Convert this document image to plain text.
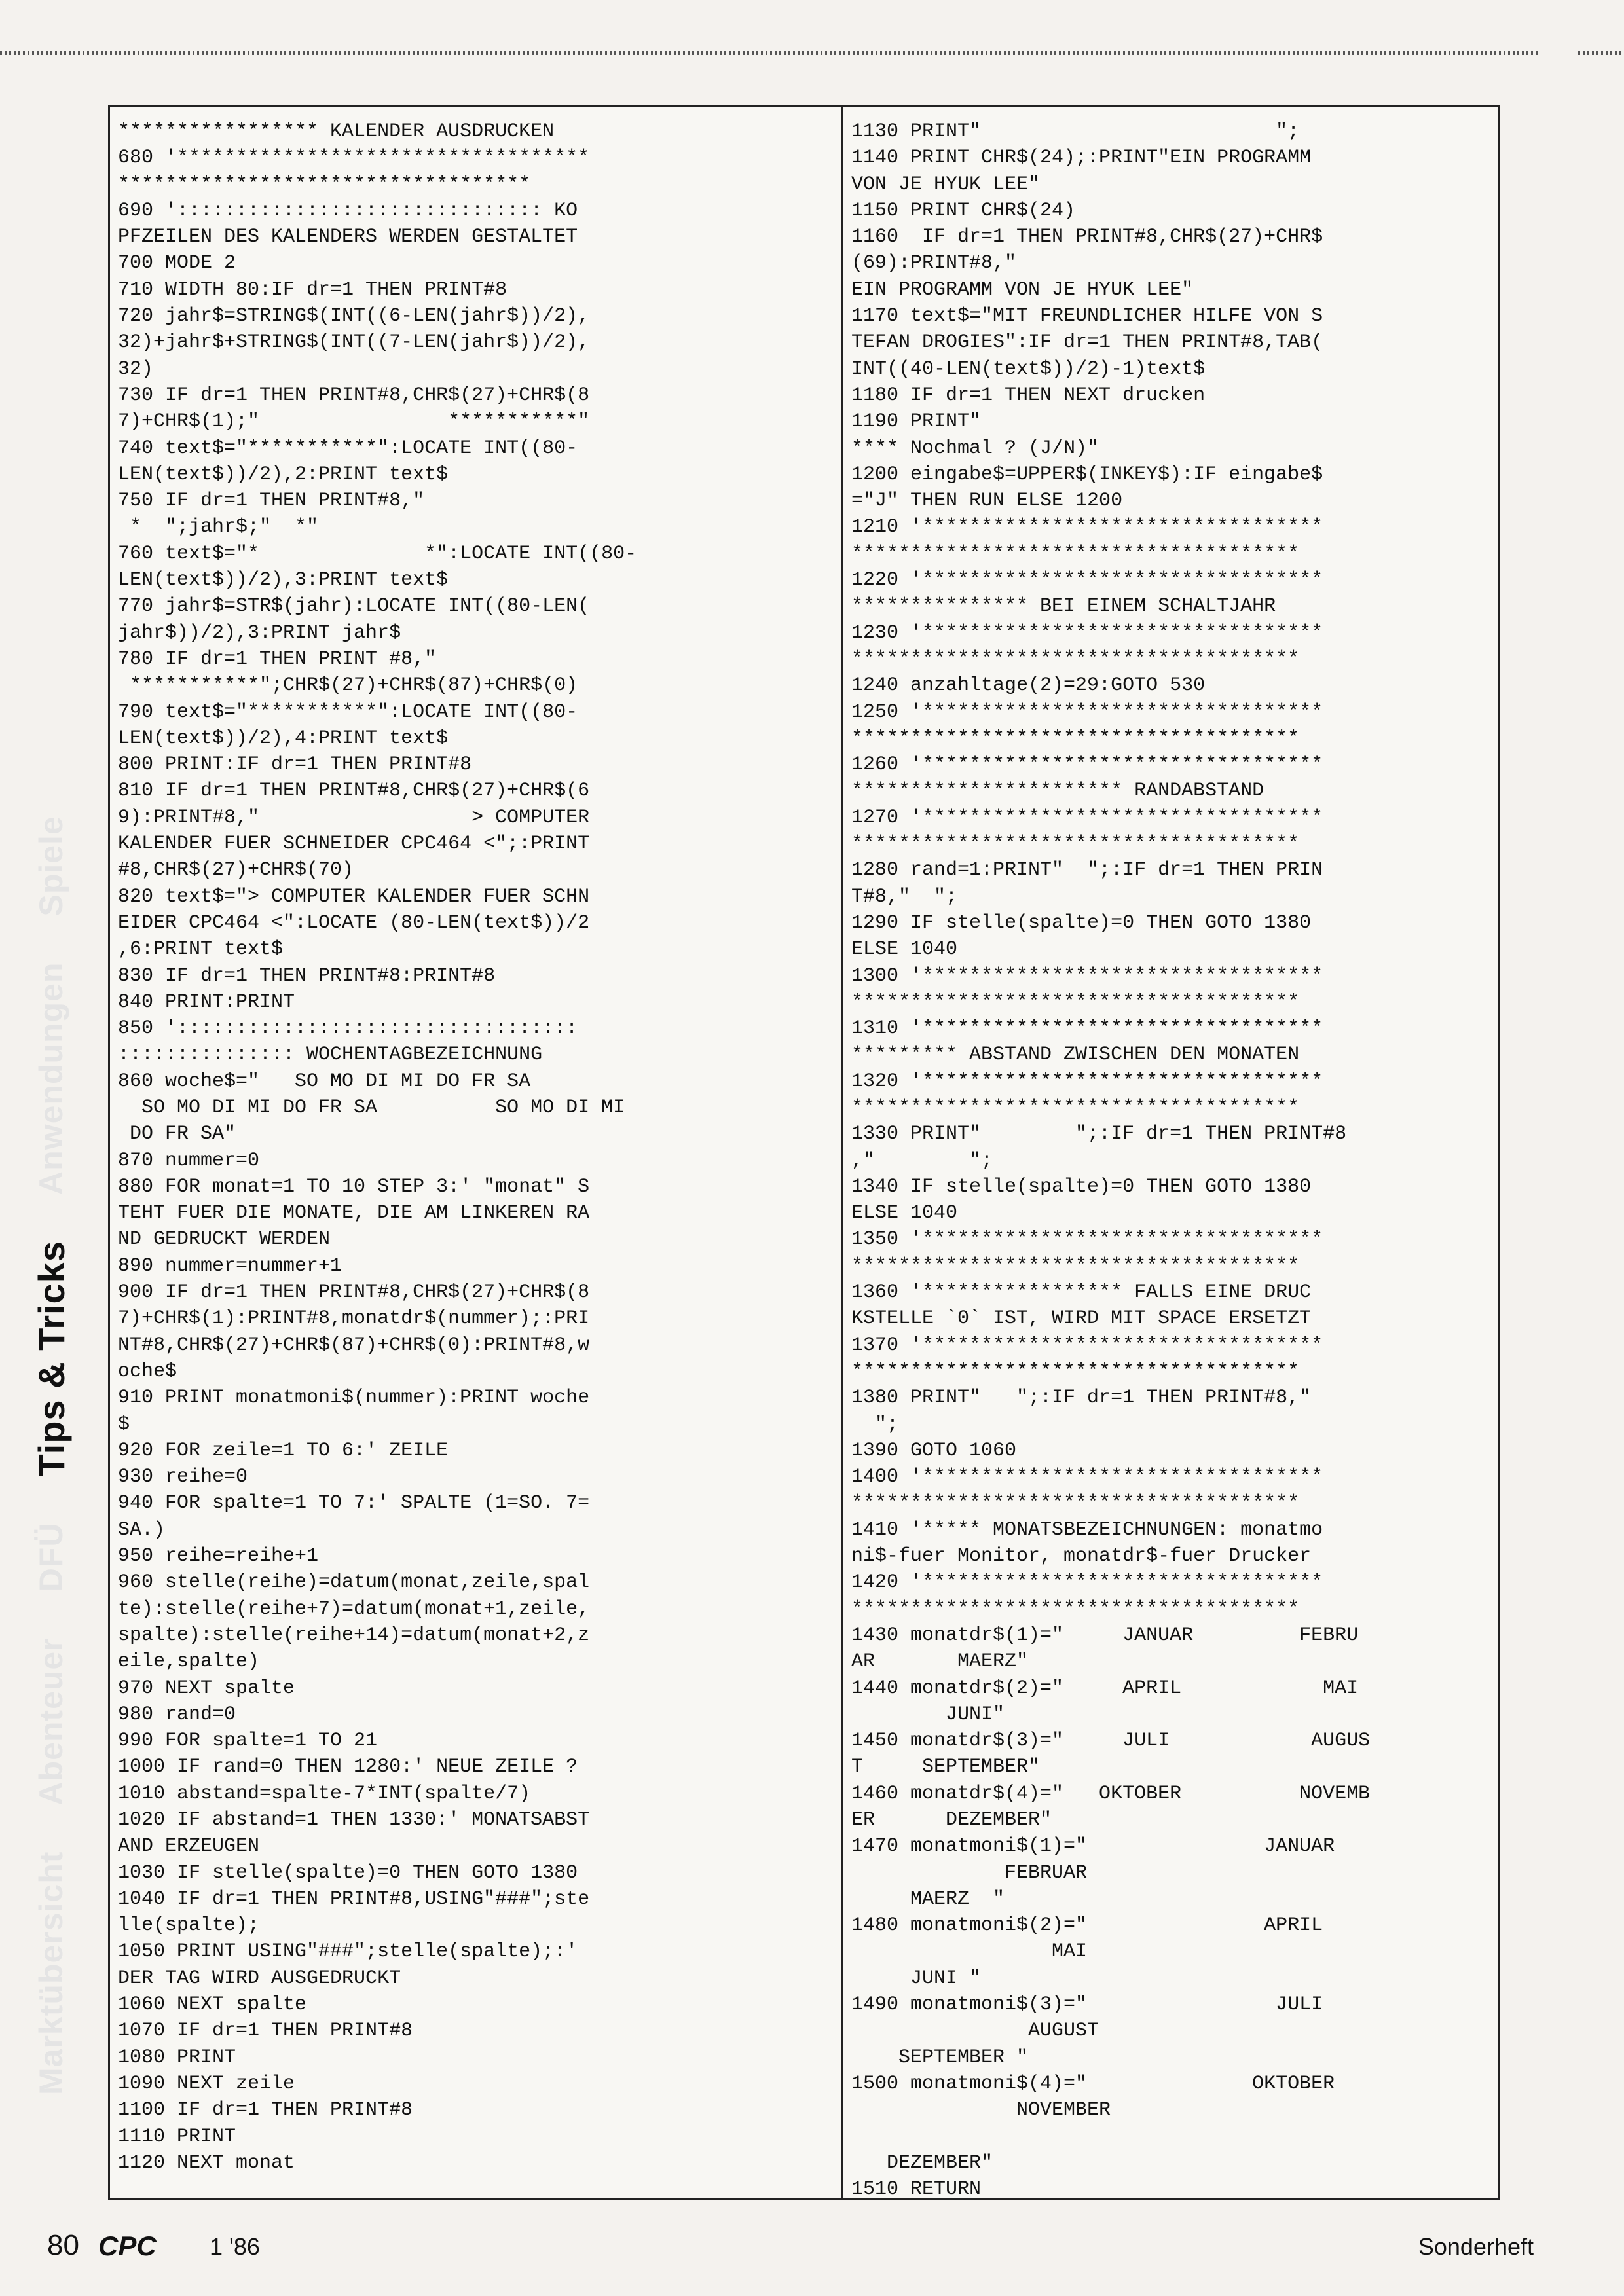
Marktübersicht
Abenteuer
DFÜ
Tips & Tricks
Anwendungen
Spiele
***************** KALENDER AUSDRUCKEN
680 '***********************************
***********************************
690 '::::::::::::::::::::::::::::::: KO
PFZEILEN DES KALENDERS WERDEN GESTALTET
700 MODE 2
710 WIDTH 80:IF dr=1 THEN PRINT#8
720 jahr$=STRING$(INT((6-LEN(jahr$))/2),
32)+jahr$+STRING$(INT((7-LEN(jahr$))/2),
32)
730 IF dr=1 THEN PRINT#8,CHR$(27)+CHR$(8
7)+CHR$(1);"                ***********"
740 text$="***********":LOCATE INT((80-
LEN(text$))/2),2:PRINT text$
750 IF dr=1 THEN PRINT#8,"
*  ";jahr$;"  *"
760 text$="*              *":LOCATE INT((80-
LEN(text$))/2),3:PRINT text$
770 jahr$=STR$(jahr):LOCATE INT((80-LEN(
jahr$))/2),3:PRINT jahr$
780 IF dr=1 THEN PRINT #8,"
***********";CHR$(27)+CHR$(87)+CHR$(0)
790 text$="***********":LOCATE INT((80-
LEN(text$))/2),4:PRINT text$
800 PRINT:IF dr=1 THEN PRINT#8
810 IF dr=1 THEN PRINT#8,CHR$(27)+CHR$(6
9):PRINT#8,"                  > COMPUTER
KALENDER FUER SCHNEIDER CPC464 <";:PRINT
#8,CHR$(27)+CHR$(70)
820 text$="> COMPUTER KALENDER FUER SCHN
EIDER CPC464 <":LOCATE (80-LEN(text$))/2
,6:PRINT text$
830 IF dr=1 THEN PRINT#8:PRINT#8
840 PRINT:PRINT
850 '::::::::::::::::::::::::::::::::::
::::::::::::::: WOCHENTAGBEZEICHNUNG
860 woche$="   SO MO DI MI DO FR SA
SO MO DI MI DO FR SA          SO MO DI MI
DO FR SA"
870 nummer=0
880 FOR monat=1 TO 10 STEP 3:' "monat" S
TEHT FUER DIE MONATE, DIE AM LINKEREN RA
ND GEDRUCKT WERDEN
890 nummer=nummer+1
900 IF dr=1 THEN PRINT#8,CHR$(27)+CHR$(8
7)+CHR$(1):PRINT#8,monatdr$(nummer);:PRI
NT#8,CHR$(27)+CHR$(87)+CHR$(0):PRINT#8,w
oche$
910 PRINT monatmoni$(nummer):PRINT woche
$
920 FOR zeile=1 TO 6:' ZEILE
930 reihe=0
940 FOR spalte=1 TO 7:' SPALTE (1=SO. 7=
SA.)
950 reihe=reihe+1
960 stelle(reihe)=datum(monat,zeile,spal
te):stelle(reihe+7)=datum(monat+1,zeile,
spalte):stelle(reihe+14)=datum(monat+2,z
eile,spalte)
970 NEXT spalte
980 rand=0
990 FOR spalte=1 TO 21
1000 IF rand=0 THEN 1280:' NEUE ZEILE ?
1010 abstand=spalte-7*INT(spalte/7)
1020 IF abstand=1 THEN 1330:' MONATSABST
AND ERZEUGEN
1030 IF stelle(spalte)=0 THEN GOTO 1380
1040 IF dr=1 THEN PRINT#8,USING"###";ste
lle(spalte);
1050 PRINT USING"###";stelle(spalte);:'
DER TAG WIRD AUSGEDRUCKT
1060 NEXT spalte
1070 IF dr=1 THEN PRINT#8
1080 PRINT
1090 NEXT zeile
1100 IF dr=1 THEN PRINT#8
1110 PRINT
1120 NEXT monat
1130 PRINT"                         ";
1140 PRINT CHR$(24);:PRINT"EIN PROGRAMM
VON JE HYUK LEE"
1150 PRINT CHR$(24)
1160  IF dr=1 THEN PRINT#8,CHR$(27)+CHR$
(69):PRINT#8,"
EIN PROGRAMM VON JE HYUK LEE"
1170 text$="MIT FREUNDLICHER HILFE VON S
TEFAN DROGIES":IF dr=1 THEN PRINT#8,TAB(
INT((40-LEN(text$))/2)-1)text$
1180 IF dr=1 THEN NEXT drucken
1190 PRINT"
**** Nochmal ? (J/N)"
1200 eingabe$=UPPER$(INKEY$):IF eingabe$
="J" THEN RUN ELSE 1200
1210 '**********************************
**************************************
1220 '**********************************
*************** BEI EINEM SCHALTJAHR
1230 '**********************************
**************************************
1240 anzahltage(2)=29:GOTO 530
1250 '**********************************
**************************************
1260 '**********************************
*********************** RANDABSTAND
1270 '**********************************
**************************************
1280 rand=1:PRINT"  ";:IF dr=1 THEN PRIN
T#8,"  ";
1290 IF stelle(spalte)=0 THEN GOTO 1380
ELSE 1040
1300 '**********************************
**************************************
1310 '**********************************
********* ABSTAND ZWISCHEN DEN MONATEN
1320 '**********************************
**************************************
1330 PRINT"        ";:IF dr=1 THEN PRINT#8
,"        ";
1340 IF stelle(spalte)=0 THEN GOTO 1380
ELSE 1040
1350 '**********************************
**************************************
1360 '***************** FALLS EINE DRUC
KSTELLE `0` IST, WIRD MIT SPACE ERSETZT
1370 '**********************************
**************************************
1380 PRINT"   ";:IF dr=1 THEN PRINT#8,"
";
1390 GOTO 1060
1400 '**********************************
**************************************
1410 '***** MONATSBEZEICHNUNGEN: monatmo
ni$-fuer Monitor, monatdr$-fuer Drucker
1420 '**********************************
**************************************
1430 monatdr$(1)="     JANUAR         FEBRU
AR       MAERZ"
1440 monatdr$(2)="     APRIL            MAI
JUNI"
1450 monatdr$(3)="     JULI            AUGUS
T     SEPTEMBER"
1460 monatdr$(4)="   OKTOBER          NOVEMB
ER      DEZEMBER"
1470 monatmoni$(1)="               JANUAR
FEBRUAR
MAERZ  "
1480 monatmoni$(2)="               APRIL
MAI
JUNI "
1490 monatmoni$(3)="                JULI
AUGUST
SEPTEMBER "
1500 monatmoni$(4)="              OKTOBER
NOVEMBER
DEZEMBER"
1510 RETURN
80 CPC 1 '86	Sonderheft
